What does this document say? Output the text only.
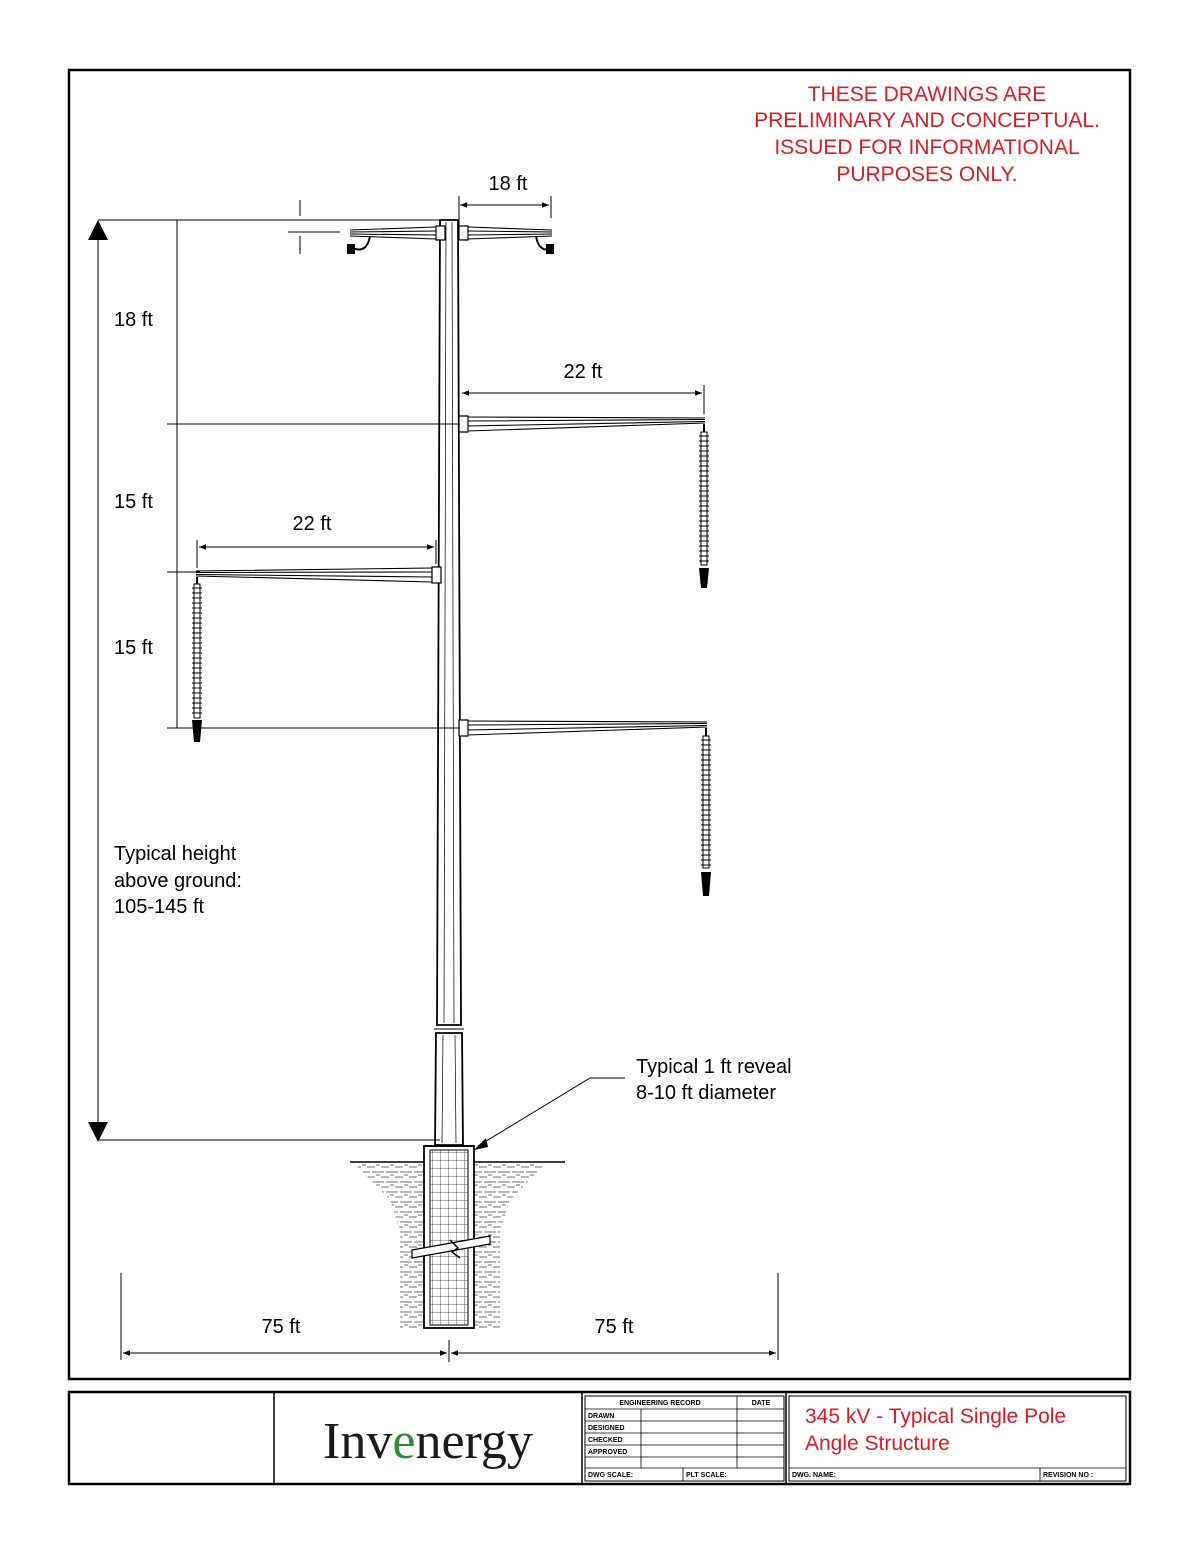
THESE DRAWINGS ARE
PRELIMINARY AND CONCEPTUAL.
ISSUED FOR INFORMATIONAL
PURPOSES ONLY.
18 ft
22 ft
22 ft
18 ft
15 ft
15 ft
75 ft	75 ft
Typical height
above ground:
105-145 ft
Typical 1 ft reveal
8-10 ft diameter
Invenergy
ENGINEERING RECORD	DATE
DRAWN
DESIGNED
CHECKED
APPROVED
DWG SCALE:	PLT SCALE:
345 kV - Typical Single Pole
Angle Structure
DWG. NAME:	REVISION NO :
